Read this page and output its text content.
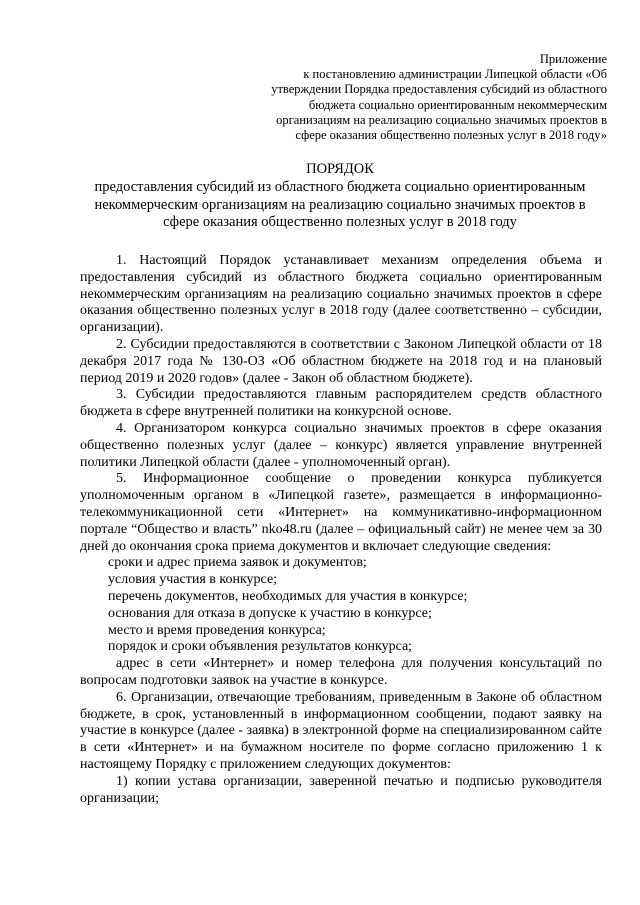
Приложение
к постановлению администрации Липецкой области «Об
утверждении Порядка предоставления субсидий из областного
бюджета социально ориентированным некоммерческим
организациям на реализацию социально значимых проектов в
сфере оказания общественно полезных услуг в 2018 году»
ПОРЯДОК
предоставления субсидий из областного бюджета социально ориентированным некоммерческим организациям на реализацию социально значимых проектов в сфере оказания общественно полезных услуг в 2018 году

1. Настоящий Порядок устанавливает механизм определения объема и предоставления субсидий из областного бюджета социально ориентированным некоммерческим организациям на реализацию социально значимых проектов в сфере оказания общественно полезных услуг в 2018 году (далее соответственно – субсидии, организации).

2. Субсидии предоставляются в соответствии с Законом Липецкой области от 18 декабря 2017 года № 130-ОЗ «Об областном бюджете на 2018 год и на плановый период 2019 и 2020 годов» (далее - Закон об областном бюджете).

3. Субсидии предоставляются главным распорядителем средств областного бюджета в сфере внутренней политики на конкурсной основе.

4. Организатором конкурса социально значимых проектов в сфере оказания общественно полезных услуг (далее – конкурс) является управление внутренней политики Липецкой области (далее - уполномоченный орган).

5. Информационное сообщение о проведении конкурса публикуется уполномоченным органом в «Липецкой газете», размещается в информационно-телекоммуникационной сети «Интернет» на коммуникативно-информационном портале “Общество и власть” nko48.ru (далее – официальный сайт) не менее чем за 30 дней до окончания срока приема документов и включает следующие сведения:

сроки и адрес приема заявок и документов;

условия участия в конкурсе;

перечень документов, необходимых для участия в конкурсе;

основания для отказа в допуске к участию в конкурсе;

место и время проведения конкурса;

порядок и сроки объявления результатов конкурса;

адрес в сети «Интернет» и номер телефона для получения консультаций по вопросам подготовки заявок на участие в конкурсе.

6. Организации, отвечающие требованиям, приведенным в Законе об областном бюджете, в срок, установленный в информационном сообщении, подают заявку на участие в конкурсе (далее - заявка) в электронной форме на специализированном сайте в сети «Интернет» и на бумажном носителе по форме согласно приложению 1 к настоящему Порядку с приложением следующих документов:

1) копии устава организации, заверенной печатью и подписью руководителя организации;
